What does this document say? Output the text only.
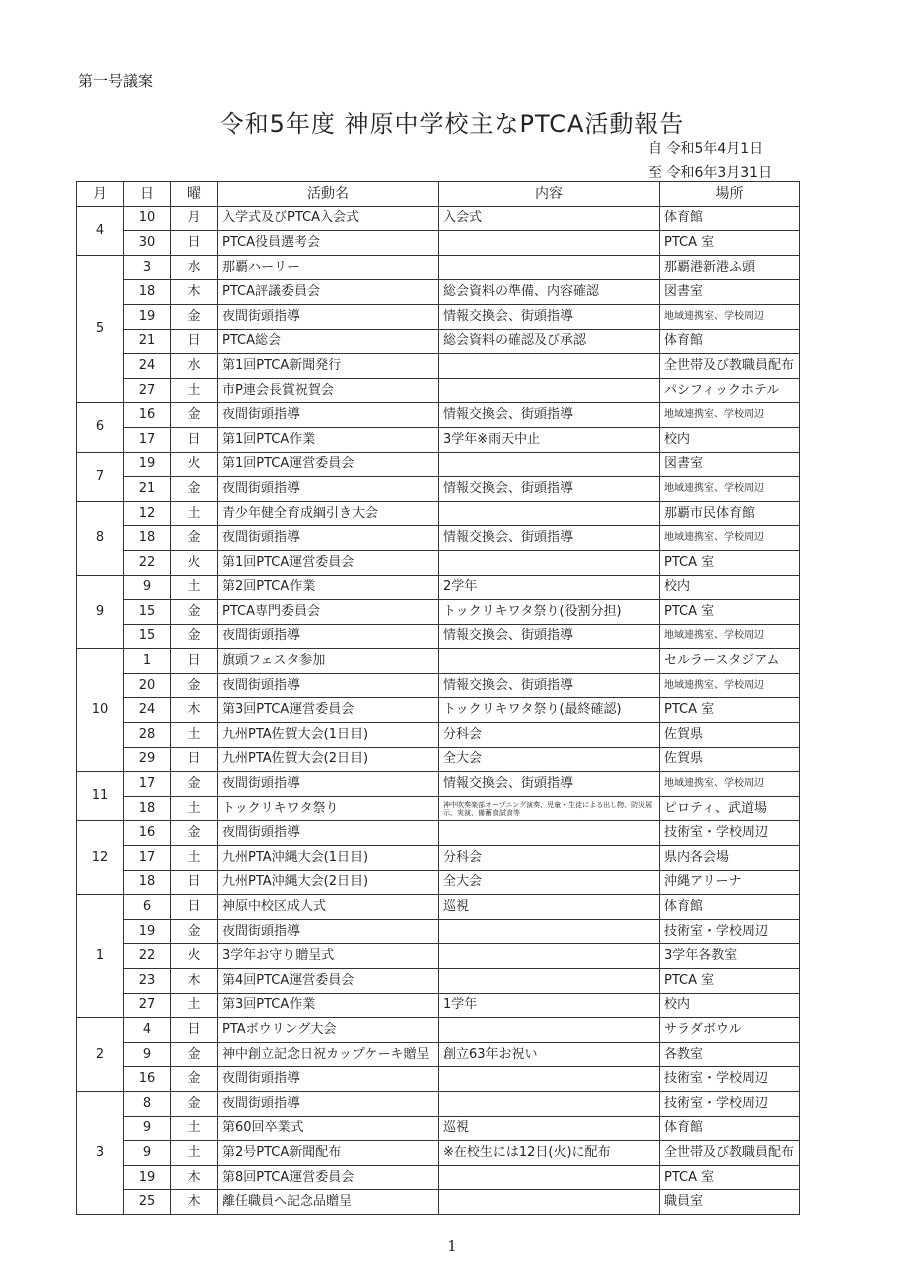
第一号議案
令和5年度 神原中学校主なPTCA活動報告
自 令和5年4月1日
至 令和6年3月31日
月	日	曜	活動名	内容	場所
4	10	月	入学式及びPTCA入会式	入会式	体育館
	30	日	PTCA役員選考会		PTCA 室
5	3	水	那覇ハーリー		那覇港新港ふ頭
	18	木	PTCA評議委員会	総会資料の準備、内容確認	図書室
	19	金	夜間街頭指導	情報交換会、街頭指導	地域連携室、学校周辺
	21	日	PTCA総会	総会資料の確認及び承認	体育館
	24	水	第1回PTCA新聞発行		全世帯及び教職員配布
	27	土	市P連会長賞祝賀会		パシフィックホテル
6	16	金	夜間街頭指導	情報交換会、街頭指導	地域連携室、学校周辺
	17	日	第1回PTCA作業	3学年※雨天中止	校内
7	19	火	第1回PTCA運営委員会		図書室
	21	金	夜間街頭指導	情報交換会、街頭指導	地域連携室、学校周辺
8	12	土	青少年健全育成綱引き大会		那覇市民体育館
	18	金	夜間街頭指導	情報交換会、街頭指導	地域連携室、学校周辺
	22	火	第1回PTCA運営委員会		PTCA 室
9	9	土	第2回PTCA作業	2学年	校内
	15	金	PTCA専門委員会	トックリキワタ祭り(役割分担)	PTCA 室
	15	金	夜間街頭指導	情報交換会、街頭指導	地域連携室、学校周辺
10	1	日	旗頭フェスタ参加		セルラースタジアム
	20	金	夜間街頭指導	情報交換会、街頭指導	地域連携室、学校周辺
	24	木	第3回PTCA運営委員会	トックリキワタ祭り(最終確認)	PTCA 室
	28	土	九州PTA佐賀大会(1日目)	分科会	佐賀県
	29	日	九州PTA佐賀大会(2日目)	全大会	佐賀県
11	17	金	夜間街頭指導	情報交換会、街頭指導	地域連携室、学校周辺
	18	土	トックリキワタ祭り	神中吹奏楽部オープニング演奏、児童・生徒による出し物、防災展示、実演、備蓄食試食等	ピロティ、武道場
12	16	金	夜間街頭指導		技術室・学校周辺
	17	土	九州PTA沖縄大会(1日目)	分科会	県内各会場
	18	日	九州PTA沖縄大会(2日目)	全大会	沖縄アリーナ
1	6	日	神原中校区成人式	巡視	体育館
	19	金	夜間街頭指導		技術室・学校周辺
	22	火	3学年お守り贈呈式		3学年各教室
	23	木	第4回PTCA運営委員会		PTCA 室
	27	土	第3回PTCA作業	1学年	校内
2	4	日	PTAボウリング大会		サラダボウル
	9	金	神中創立記念日祝カップケーキ贈呈	創立63年お祝い	各教室
	16	金	夜間街頭指導		技術室・学校周辺
3	8	金	夜間街頭指導		技術室・学校周辺
	9	土	第60回卒業式	巡視	体育館
	9	土	第2号PTCA新聞配布	※在校生には12日(火)に配布	全世帯及び教職員配布
	19	木	第8回PTCA運営委員会		PTCA 室
	25	木	離任職員へ記念品贈呈		職員室
1
